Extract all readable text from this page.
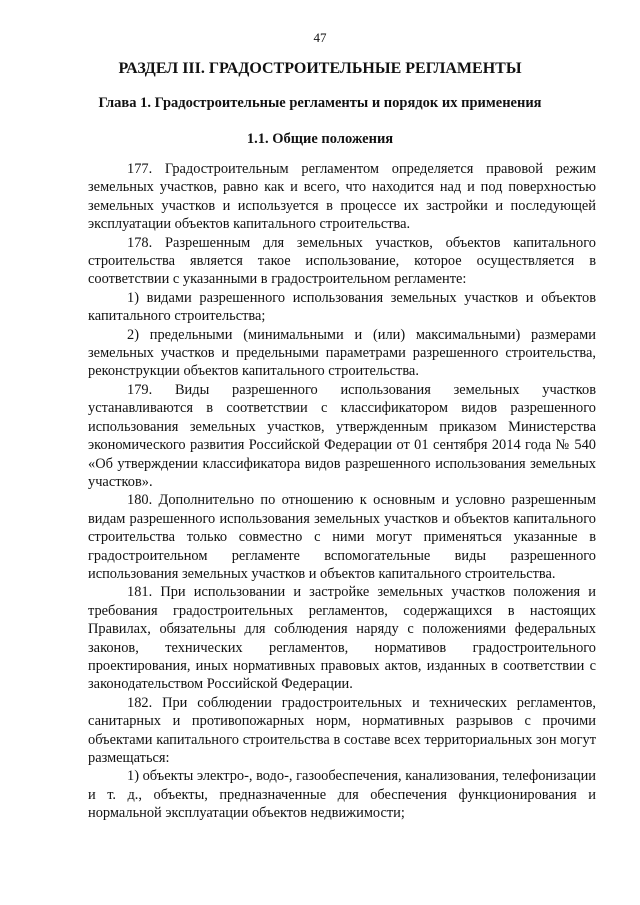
47
РАЗДЕЛ III. ГРАДОСТРОИТЕЛЬНЫЕ РЕГЛАМЕНТЫ
Глава 1. Градостроительные регламенты и порядок их применения
1.1. Общие положения

177. Градостроительным регламентом определяется правовой режим земельных участков, равно как и всего, что находится над и под поверхностью земельных участков и используется в процессе их застройки и последующей эксплуатации объектов капитального строительства.

178. Разрешенным для земельных участков, объектов капитального строительства является такое использование, которое осуществляется в соответствии с указанными в градостроительном регламенте:

1) видами разрешенного использования земельных участков и объектов капитального строительства;

2) предельными (минимальными и (или) максимальными) размерами земельных участков и предельными параметрами разрешенного строительства, реконструкции объектов капитального строительства.

179. Виды разрешенного использования земельных участков устанавливаются в соответствии с классификатором видов разрешенного использования земельных участков, утвержденным приказом Министерства экономического развития Российской Федерации от 01 сентября 2014 года № 540 «Об утверждении классификатора видов разрешенного использования земельных участков».

180. Дополнительно по отношению к основным и условно разрешенным видам разрешенного использования земельных участков и объектов капитального строительства только совместно с ними могут применяться указанные в градостроительном регламенте вспомогательные виды разрешенного использования земельных участков и объектов капитального строительства.

181. При использовании и застройке земельных участков положения и требования градостроительных регламентов, содержащихся в настоящих Правилах, обязательны для соблюдения наряду с положениями федеральных законов, технических регламентов, нормативов градостроительного проектирования, иных нормативных правовых актов, изданных в соответствии с законодательством Российской Федерации.

182. При соблюдении градостроительных и технических регламентов, санитарных и противопожарных норм, нормативных разрывов с прочими объектами капитального строительства в составе всех территориальных зон могут размещаться:

1) объекты электро-, водо-, газообеспечения, канализования, телефонизации и т. д., объекты, предназначенные для обеспечения функционирования и нормальной эксплуатации объектов недвижимости;
